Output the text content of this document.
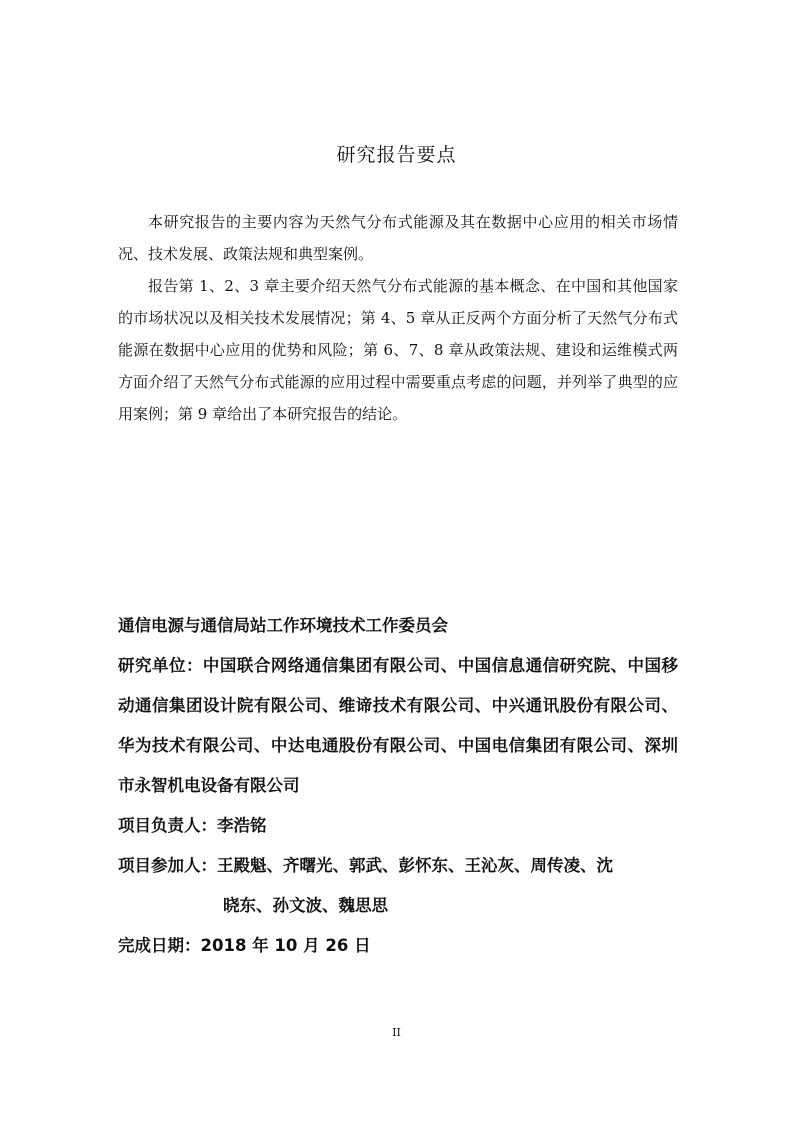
研究报告要点

本研究报告的主要内容为天然气分布式能源及其在数据中心应用的相关市场情况、技术发展、政策法规和典型案例。

报告第 1、2、3 章主要介绍天然气分布式能源的基本概念、在中国和其他国家的市场状况以及相关技术发展情况；第 4、5 章从正反两个方面分析了天然气分布式能源在数据中心应用的优势和风险；第 6、7、8 章从政策法规、建设和运维模式两方面介绍了天然气分布式能源的应用过程中需要重点考虑的问题，并列举了典型的应用案例；第 9 章给出了本研究报告的结论。

通信电源与通信局站工作环境技术工作委员会

研究单位：中国联合网络通信集团有限公司、中国信息通信研究院、中国移动通信集团设计院有限公司、维谛技术有限公司、中兴通讯股份有限公司、华为技术有限公司、中达电通股份有限公司、中国电信集团有限公司、深圳市永智机电设备有限公司

项目负责人：李浩铭

项目参加人：王殿魁、齐曙光、郭武、彭怀东、王沁灰、周传凌、沈

晓东、孙文波、魏思思

完成日期：2018 年 10 月 26 日

II
